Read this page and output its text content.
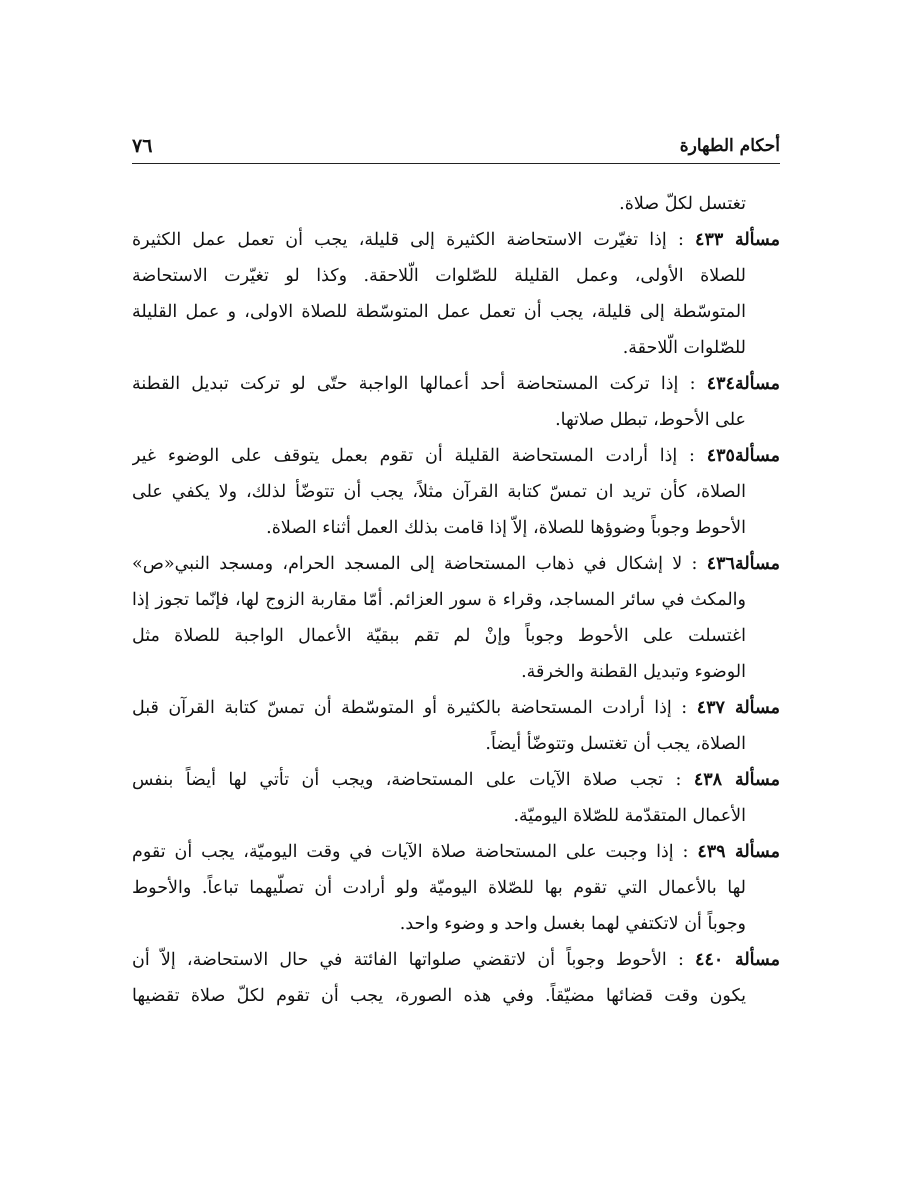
أحكام الطهارة
٧٦
تغتسل لكلّ صلاة.
مسألة ٤٣٣ : إذا تغيّرت الاستحاضة الكثيرة إلى قليلة، يجب أن تعمل عمل الكثيرة
للصلاة الأولى، وعمل القليلة للصّلوات الّلاحقة. وكذا لو تغيّرت الاستحاضة
المتوسّطة إلى قليلة، يجب أن تعمل عمل المتوسّطة للصلاة الاولى، و عمل القليلة
للصّلوات الّلاحقة.
مسألة٤٣٤ : إذا تركت المستحاضة أحد أعمالها الواجبة حتّى لو تركت تبديل القطنة
على الأحوط، تبطل صلاتها.
مسألة٤٣٥ : إذا أرادت المستحاضة القليلة أن تقوم بعمل يتوقف على الوضوء غير
الصلاة، كأن تريد ان تمسّ كتابة القرآن مثلاً، يجب أن تتوضّأ لذلك، ولا يكفي على
الأحوط وجوباً وضوؤها للصلاة، إلاّ إذا قامت بذلك العمل أثناء الصلاة.
مسألة٤٣٦ : لا إشكال في ذهاب المستحاضة إلى المسجد الحرام، ومسجد النبي«ص»
والمكث في سائر المساجد، وقراء ة سور العزائم. أمّا مقاربة الزوج لها، فإنّما تجوز إذا
اغتسلت على الأحوط وجوباً وإنْ لم تقم ببقيّة الأعمال الواجبة للصلاة مثل
الوضوء وتبديل القطنة والخرقة.
مسألة ٤٣٧ : إذا أرادت المستحاضة بالكثيرة أو المتوسّطة أن تمسّ كتابة القرآن قبل
الصلاة، يجب أن تغتسل وتتوضّأ أيضاً.
مسألة ٤٣٨ : تجب صلاة الآيات على المستحاضة، ويجب أن تأتي لها أيضاً بنفس
الأعمال المتقدّمة للصّلاة اليوميّة.
مسألة ٤٣٩ : إذا وجبت على المستحاضة صلاة الآيات في وقت اليوميّة، يجب أن تقوم
لها بالأعمال التي تقوم بها للصّلاة اليوميّة ولو أرادت أن تصلّيهما تباعاً. والأحوط
وجوباً أن لاتكتفي لهما بغسل واحد و وضوء واحد.
مسألة ٤٤٠ : الأحوط وجوباً أن لاتقضي صلواتها الفائتة في حال الاستحاضة، إلاّ أن
يكون وقت قضائها مضيّقاً. وفي هذه الصورة، يجب أن تقوم لكلّ صلاة تقضيها
